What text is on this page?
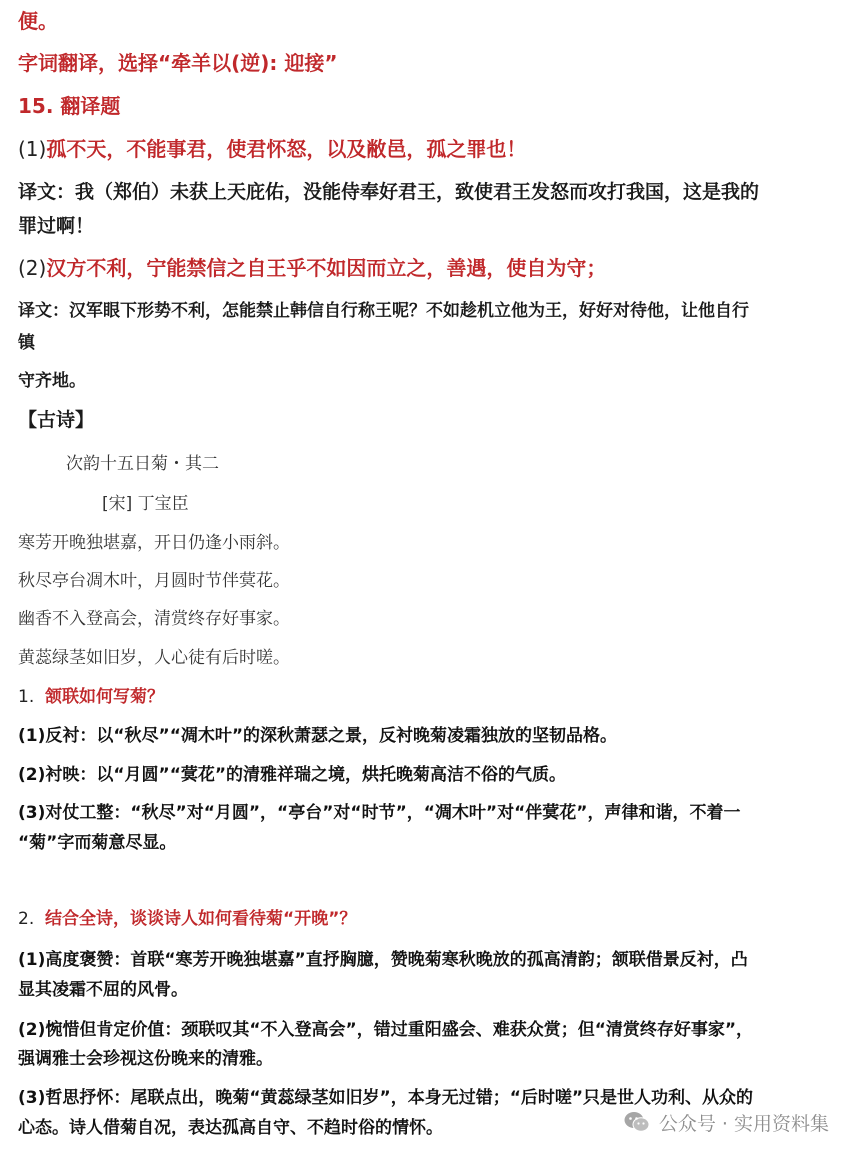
便。
字词翻译，选择“牵羊以(逆): 迎接”
15. 翻译题
(1)孤不天，不能事君，使君怀怒，以及敝邑，孤之罪也！
译文：我（郑伯）未获上天庇佑，没能侍奉好君王，致使君王发怒而攻打我国，这是我的
罪过啊！
(2)汉方不利，宁能禁信之自王乎不如因而立之，善遇，使自为守；
译文：汉军眼下形势不利，怎能禁止韩信自行称王呢？不如趁机立他为王，好好对待他，让他自行
镇
守齐地。
【古诗】
次韵十五日菊・其二
[宋] 丁宝臣
寒芳开晚独堪嘉，开日仍逢小雨斜。
秋尽亭台凋木叶，月圆时节伴蓂花。
幽香不入登高会，清赏终存好事家。
黄蕊绿茎如旧岁，人心徒有后时嗟。
1. 颔联如何写菊？
(1)反衬：以“秋尽”“凋木叶”的深秋萧瑟之景，反衬晚菊凌霜独放的坚韧品格。
(2)衬映：以“月圆”“蓂花”的清雅祥瑞之境，烘托晚菊高洁不俗的气质。
(3)对仗工整：“秋尽”对“月圆”，“亭台”对“时节”，“凋木叶”对“伴蓂花”，声律和谐，不着一
“菊”字而菊意尽显。
2. 结合全诗，谈谈诗人如何看待菊“开晚”？
(1)高度褒赞：首联“寒芳开晚独堪嘉”直抒胸臆，赞晚菊寒秋晚放的孤高清韵；颔联借景反衬，凸
显其凌霜不屈的风骨。
(2)惋惜但肯定价值：颈联叹其“不入登高会”，错过重阳盛会、难获众赏；但“清赏终存好事家”，
强调雅士会珍视这份晚来的清雅。
(3)哲思抒怀：尾联点出，晚菊“黄蕊绿茎如旧岁”，本身无过错；“后时嗟”只是世人功利、从众的
心态。诗人借菊自况，表达孤高自守、不趋时俗的情怀。	公众号 · 实用资料集
